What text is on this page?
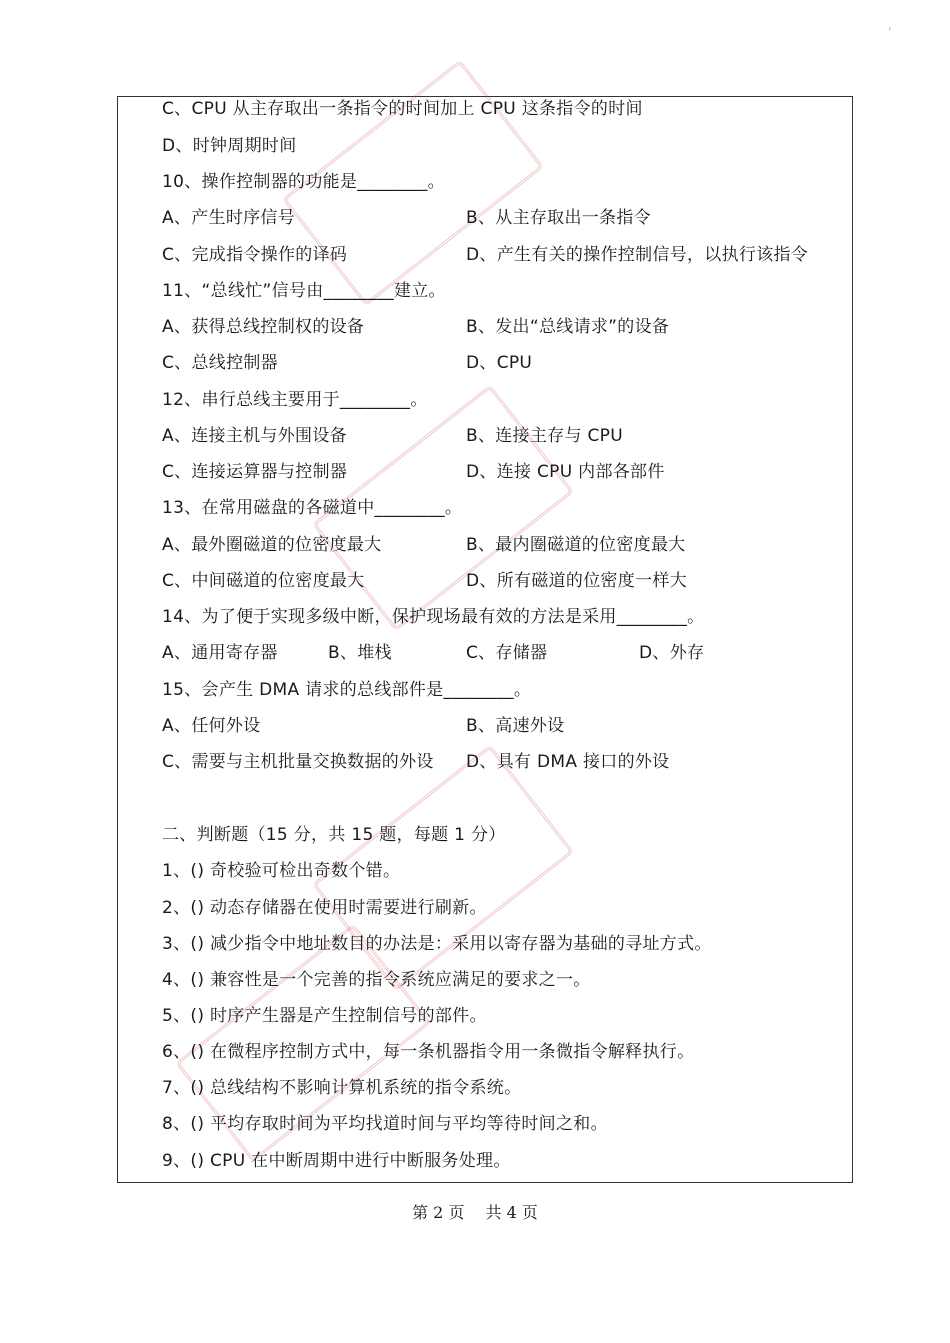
,
C、CPU 从主存取出一条指令的时间加上 CPU 这条指令的时间
D、时钟周期时间
10、操作控制器的功能是________。
A、产生时序信号	B、从主存取出一条指令
C、完成指令操作的译码	D、产生有关的操作控制信号，以执行该指令
11、“总线忙”信号由________建立。
A、获得总线控制权的设备	B、发出“总线请求”的设备
C、总线控制器	D、CPU
12、串行总线主要用于________。
A、连接主机与外围设备	B、连接主存与 CPU
C、连接运算器与控制器	D、连接 CPU 内部各部件
13、在常用磁盘的各磁道中________。
A、最外圈磁道的位密度最大	B、最内圈磁道的位密度最大
C、中间磁道的位密度最大	D、所有磁道的位密度一样大
14、为了便于实现多级中断，保护现场最有效的方法是采用________。
A、通用寄存器	B、堆栈	C、存储器	D、外存
15、会产生 DMA 请求的总线部件是________。
A、任何外设	B、高速外设
C、需要与主机批量交换数据的外设 D、具有 DMA 接口的外设
二、判断题（15 分，共 15 题，每题 1 分）
1、() 奇校验可检出奇数个错。
2、() 动态存储器在使用时需要进行刷新。
3、() 减少指令中地址数目的办法是：采用以寄存器为基础的寻址方式。
4、() 兼容性是一个完善的指令系统应满足的要求之一。
5、() 时序产生器是产生控制信号的部件。
6、() 在微程序控制方式中，每一条机器指令用一条微指令解释执行。
7、() 总线结构不影响计算机系统的指令系统。
8、() 平均存取时间为平均找道时间与平均等待时间之和。
9、() CPU 在中断周期中进行中断服务处理。
第 2 页 共 4 页
